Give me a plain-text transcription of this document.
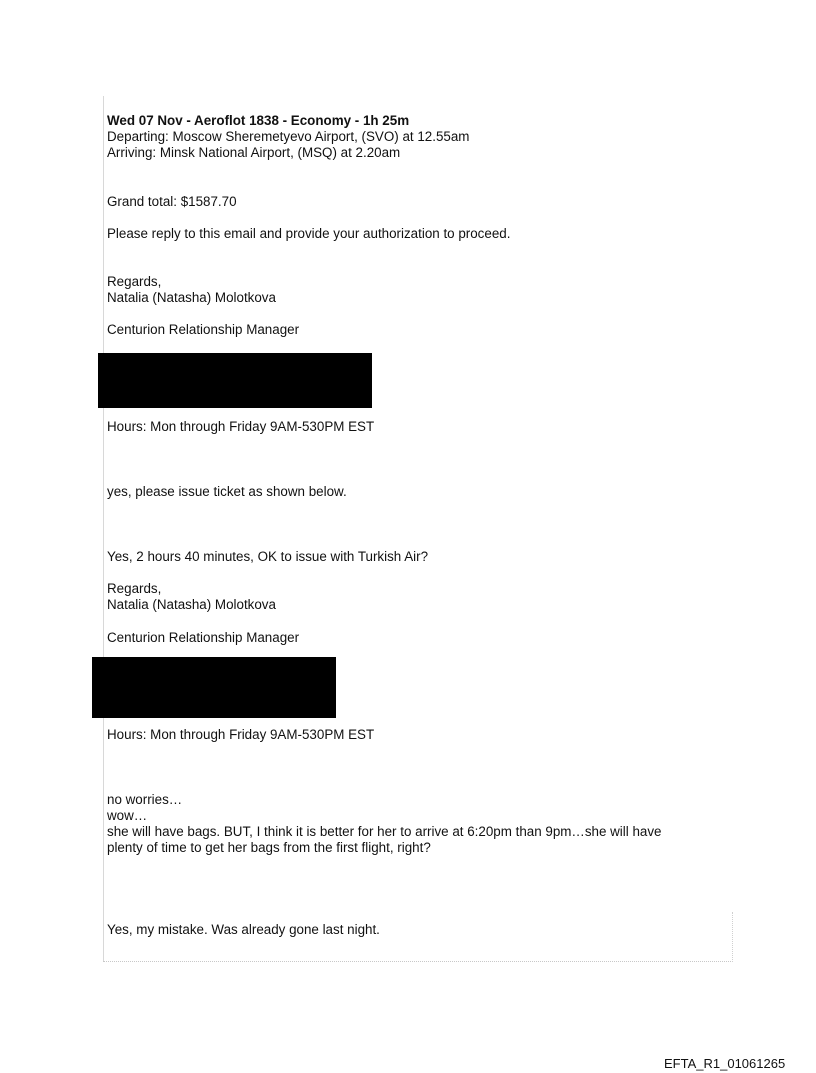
Wed 07 Nov - Aeroflot 1838 - Economy - 1h 25m
Departing: Moscow Sheremetyevo Airport, (SVO) at 12.55am
Arriving: Minsk National Airport, (MSQ) at 2.20am
Grand total: $1587.70
Please reply to this email and provide your authorization to proceed.
Regards,
Natalia (Natasha) Molotkova
Centurion Relationship Manager
Hours: Mon through Friday 9AM-530PM EST
yes, please issue ticket as shown below.
Yes, 2 hours 40 minutes, OK to issue with Turkish Air?
Regards,
Natalia (Natasha) Molotkova
Centurion Relationship Manager
Hours: Mon through Friday 9AM-530PM EST
no worries…
wow…
she will have bags. BUT, I think it is better for her to arrive at 6:20pm than 9pm…she will have
plenty of time to get her bags from the first flight, right?
Yes, my mistake. Was already gone last night.
EFTA_R1_01061265
